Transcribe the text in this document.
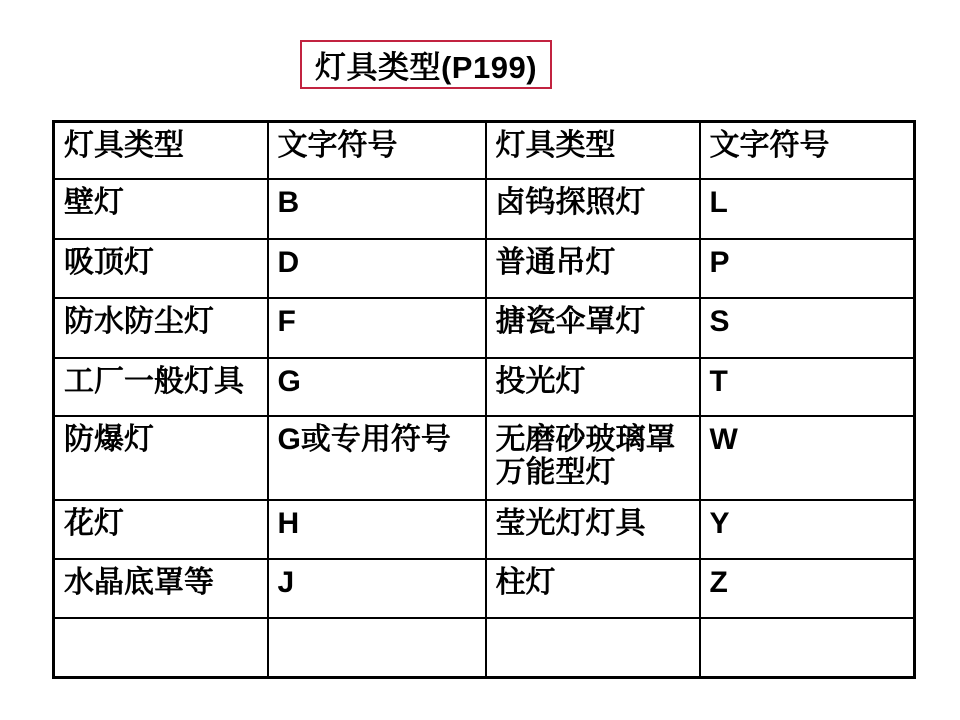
灯具类型(P199)
灯具类型	文字符号	灯具类型	文字符号
壁灯	B	卤钨探照灯	L
吸顶灯	D	普通吊灯	P
防水防尘灯	F	搪瓷伞罩灯	S
工厂一般灯具	G	投光灯	T
防爆灯	G或专用符号	无磨砂玻璃罩万能型灯	W
花灯	H	莹光灯灯具	Y
水晶底罩等	J	柱灯	Z
